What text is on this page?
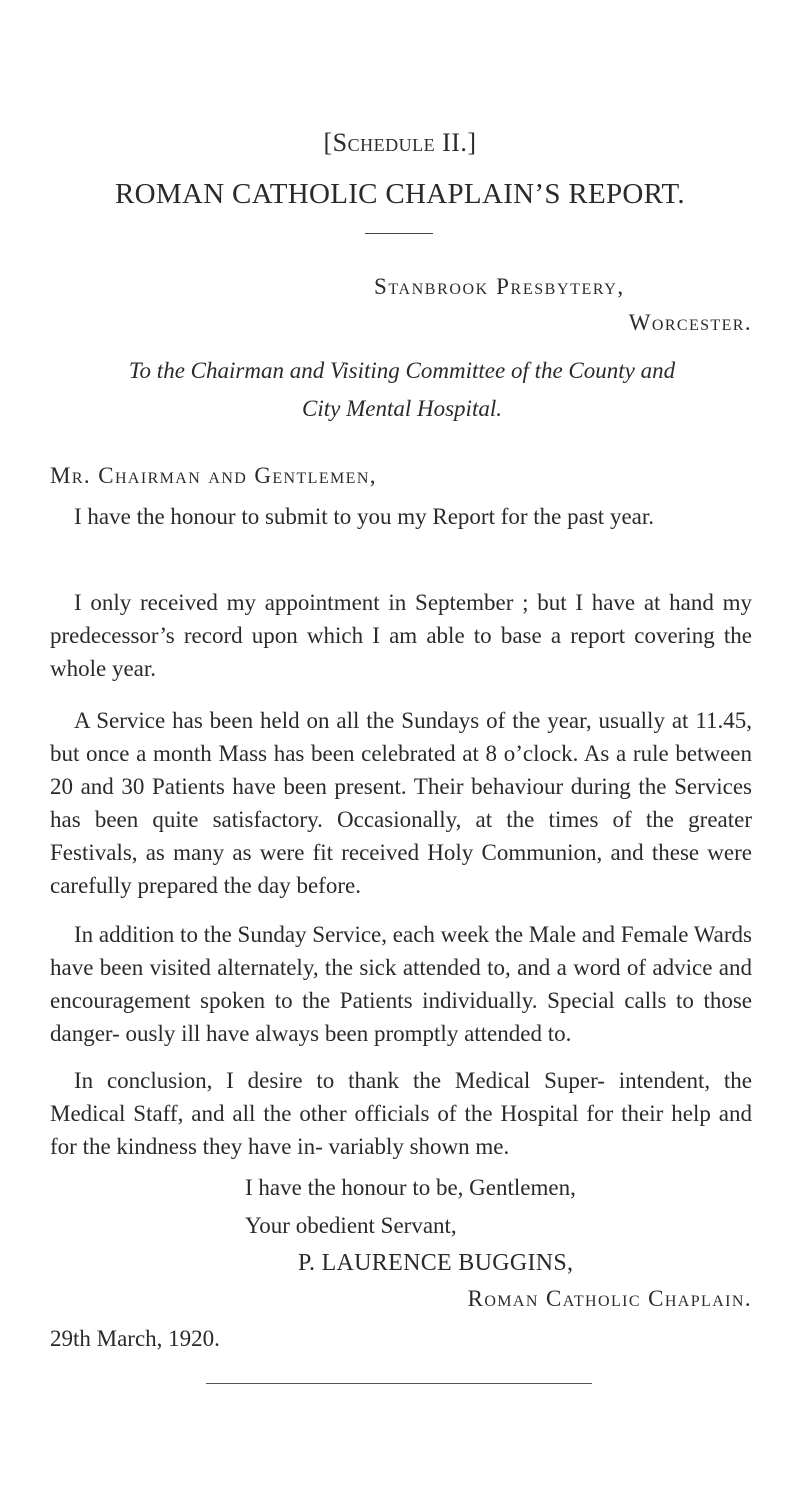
[Schedule II.]
ROMAN CATHOLIC CHAPLAIN’S REPORT.
Stanbrook Presbytery,
Worcester.
To the Chairman and Visiting Committee of the County and
City Mental Hospital.
Mr. Chairman and Gentlemen,

I have the honour to submit to you my Report for the past year.

I only received my appointment in September ; but I have at hand my predecessor’s record upon which I am able to base a report covering the whole year.

A Service has been held on all the Sundays of the year, usually at 11.45, but once a month Mass has been celebrated at 8 o’clock. As a rule between 20 and 30 Patients have been present. Their behaviour during the Services has been quite satisfactory. Occasionally, at the times of the greater Festivals, as many as were fit received Holy Communion, and these were carefully prepared the day before.

In addition to the Sunday Service, each week the Male and Female Wards have been visited alternately, the sick attended to, and a word of advice and encouragement spoken to the Patients individually. Special calls to those danger- ously ill have always been promptly attended to.

In conclusion, I desire to thank the Medical Super- intendent, the Medical Staff, and all the other officials of the Hospital for their help and for the kindness they have in- variably shown me.

I have the honour to be, Gentlemen,
Your obedient Servant,
P. LAURENCE BUGGINS,
Roman Catholic Chaplain.
29th March, 1920.
